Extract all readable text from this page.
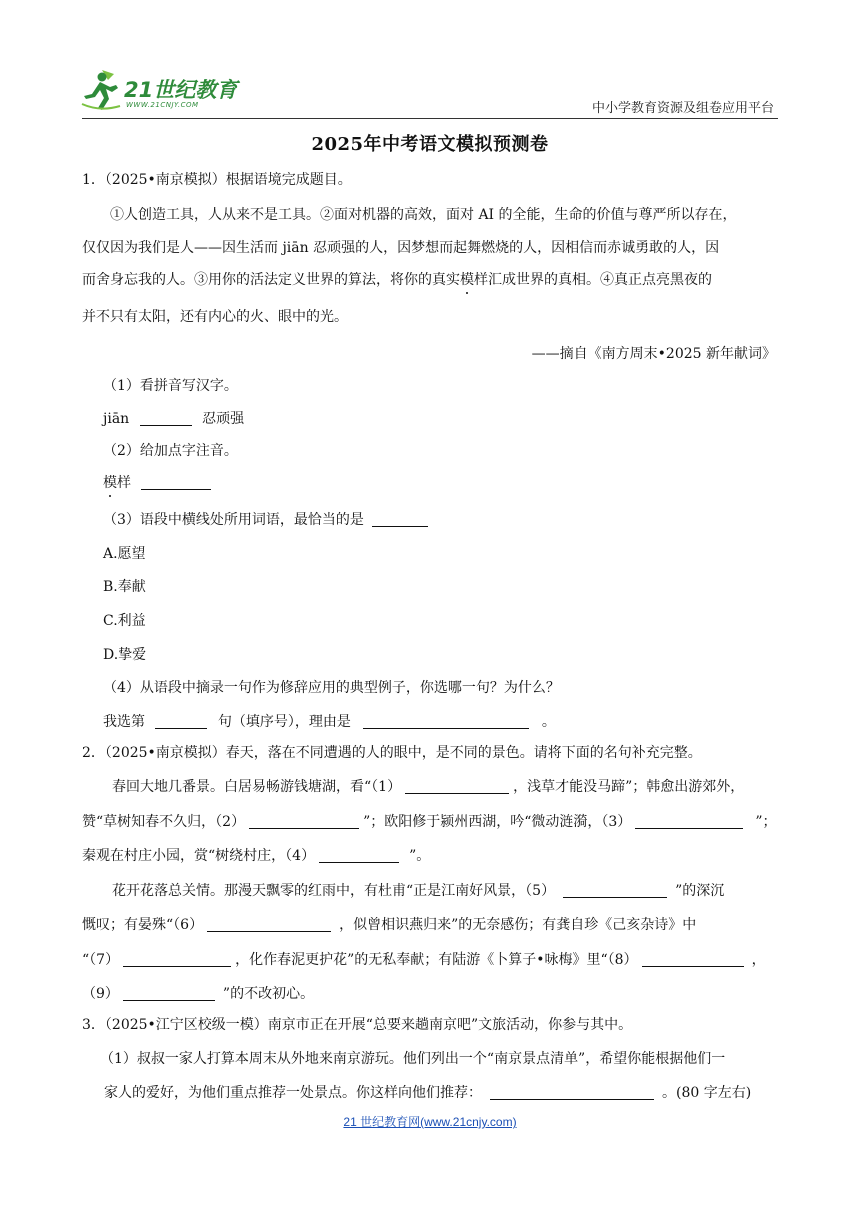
21世纪教育
WWW.21CNJY.COM	中小学教育资源及组卷应用平台
2025年中考语文模拟预测卷
1．（2025•南京模拟）根据语境完成题目。
①人创造工具，人从来不是工具。②面对机器的高效，面对 AI 的全能，生命的价值与尊严所以存在，
仅仅因为我们是人——因生活而 jiān 忍顽强的人，因梦想而起舞燃烧的人，因相信而赤诚勇敢的人，因
而舍身忘我的人。③用你的活法定义世界的算法，将你的真实模样汇成世界的真相。④真正点亮黑夜的
并不只有太阳，还有内心的火、眼中的光。
——摘自《南方周末•2025 新年献词》
（1）看拼音写汉字。
jiān	忍顽强
（2）给加点字注音。
模样
（3）语段中横线处所用词语，最恰当的是
A.愿望
B.奉献
C.利益
D.挚爱
（4）从语段中摘录一句作为修辞应用的典型例子，你选哪一句？为什么？
我选第	句（填序号），理由是	。
2．（2025•南京模拟）春天，落在不同遭遇的人的眼中，是不同的景色。请将下面的名句补充完整。
春回大地几番景。白居易畅游钱塘湖，看“（1）	，浅草才能没马蹄”；韩愈出游郊外，
赞“草树知春不久归，（2）	”；欧阳修于颍州西湖，吟“微动涟漪，（3）	”；
秦观在村庄小园，赏“树绕村庄，（4）	”。
花开花落总关情。那漫天飘零的红雨中，有杜甫“正是江南好风景，（5）	”的深沉
慨叹；有晏殊“（6）	，似曾相识燕归来”的无奈感伤；有龚自珍《己亥杂诗》中
“（7）	，化作春泥更护花”的无私奉献；有陆游《卜算子•咏梅》里“（8）	，
（9）	”的不改初心。
3．（2025•江宁区校级一模）南京市正在开展“总要来趟南京吧”文旅活动，你参与其中。
（1）叔叔一家人打算本周末从外地来南京游玩。他们列出一个“南京景点清单”，希望你能根据他们一
家人的爱好，为他们重点推荐一处景点。你这样向他们推荐：	。(80 字左右)
21 世纪教育网(www.21cnjy.com)
